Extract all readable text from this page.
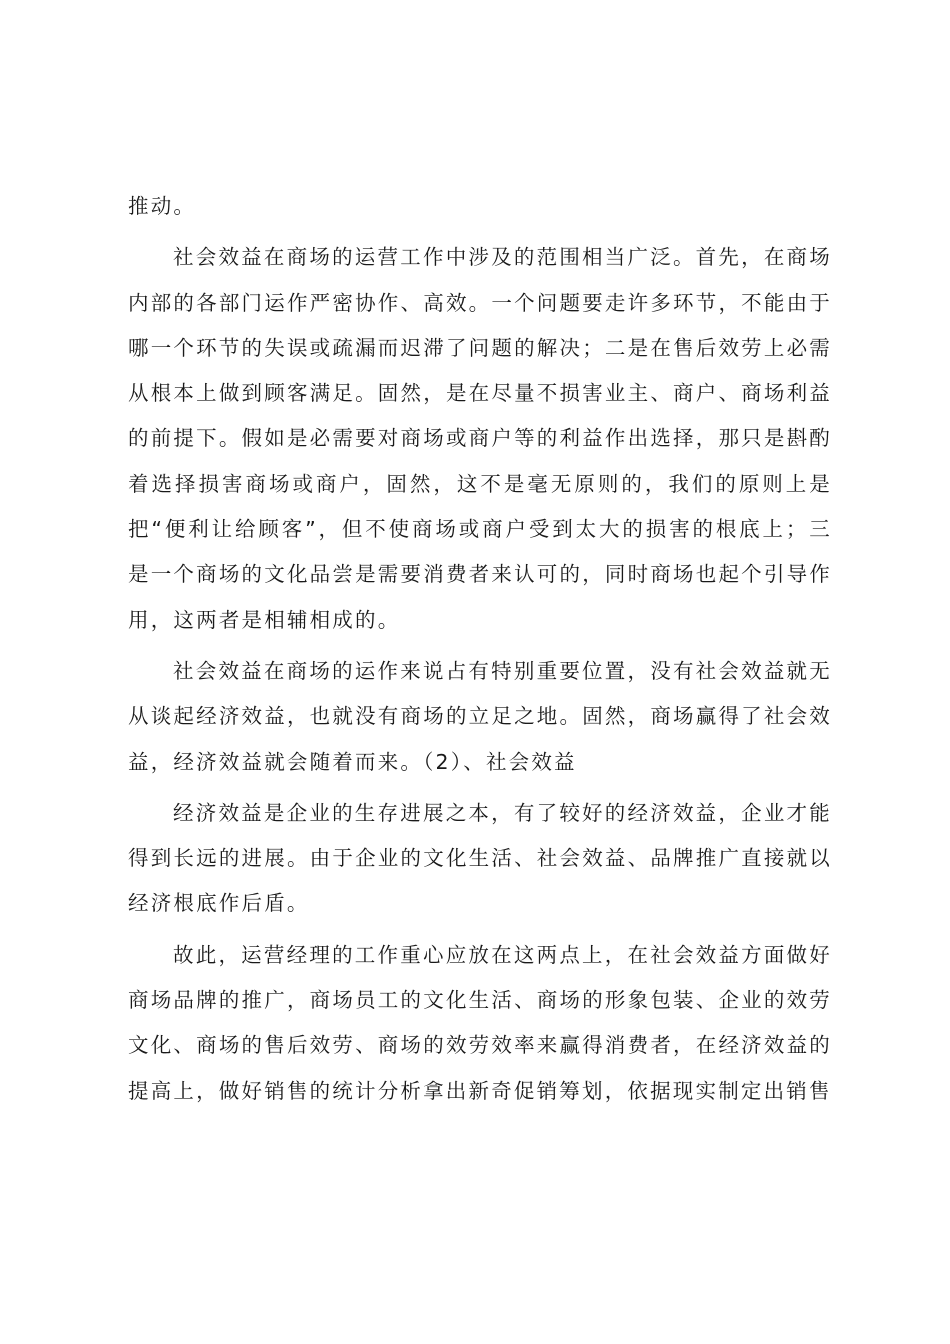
推动。

社会效益在商场的运营工作中涉及的范围相当广泛。首先，在商场内部的各部门运作严密协作、高效。一个问题要走许多环节，不能由于哪一个环节的失误或疏漏而迟滞了问题的解决；二是在售后效劳上必需从根本上做到顾客满足。固然，是在尽量不损害业主、商户、商场利益的前提下。假如是必需要对商场或商户等的利益作出选择，那只是斟酌着选择损害商场或商户，固然，这不是毫无原则的，我们的原则上是把“便利让给顾客”，但不使商场或商户受到太大的损害的根底上；三是一个商场的文化品尝是需要消费者来认可的，同时商场也起个引导作用，这两者是相辅相成的。

社会效益在商场的运作来说占有特别重要位置，没有社会效益就无从谈起经济效益，也就没有商场的立足之地。固然，商场赢得了社会效益，经济效益就会随着而来。（2）、社会效益

经济效益是企业的生存进展之本，有了较好的经济效益，企业才能得到长远的进展。由于企业的文化生活、社会效益、品牌推广直接就以经济根底作后盾。

故此，运营经理的工作重心应放在这两点上，在社会效益方面做好商场品牌的推广，商场员工的文化生活、商场的形象包装、企业的效劳文化、商场的售后效劳、商场的效劳效率来赢得消费者，在经济效益的提高上，做好销售的统计分析拿出新奇促销筹划，依据现实制定出销售
